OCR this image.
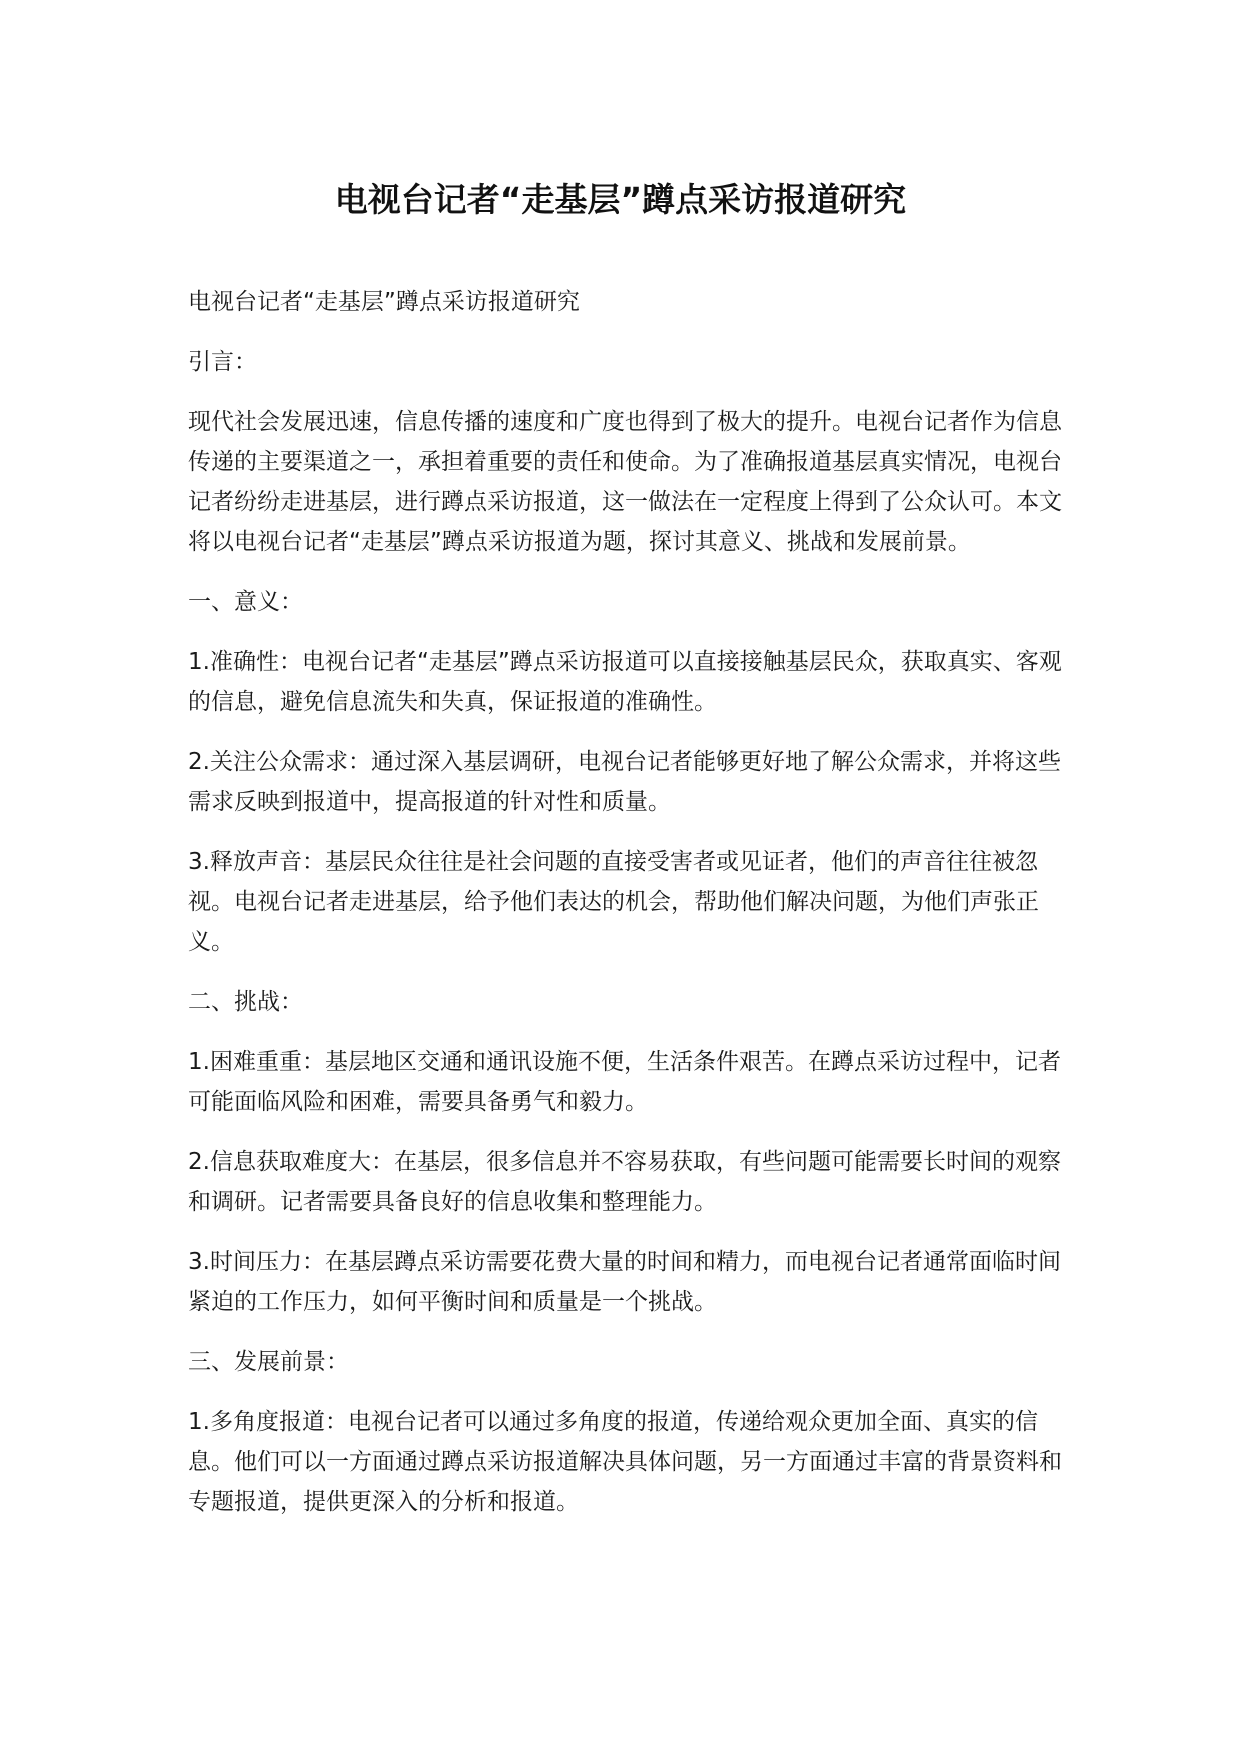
电视台记者“走基层”蹲点采访报道研究

电视台记者“走基层”蹲点采访报道研究

引言：

现代社会发展迅速，信息传播的速度和广度也得到了极大的提升。电视台记者作为信息传递的主要渠道之一，承担着重要的责任和使命。为了准确报道基层真实情况，电视台记者纷纷走进基层，进行蹲点采访报道，这一做法在一定程度上得到了公众认可。本文将以电视台记者“走基层”蹲点采访报道为题，探讨其意义、挑战和发展前景。

一、意义：

1.准确性：电视台记者“走基层”蹲点采访报道可以直接接触基层民众，获取真实、客观的信息，避免信息流失和失真，保证报道的准确性。

2.关注公众需求：通过深入基层调研，电视台记者能够更好地了解公众需求，并将这些需求反映到报道中，提高报道的针对性和质量。

3.释放声音：基层民众往往是社会问题的直接受害者或见证者，他们的声音往往被忽视。电视台记者走进基层，给予他们表达的机会，帮助他们解决问题，为他们声张正义。

二、挑战：

1.困难重重：基层地区交通和通讯设施不便，生活条件艰苦。在蹲点采访过程中，记者可能面临风险和困难，需要具备勇气和毅力。

2.信息获取难度大：在基层，很多信息并不容易获取，有些问题可能需要长时间的观察和调研。记者需要具备良好的信息收集和整理能力。

3.时间压力：在基层蹲点采访需要花费大量的时间和精力，而电视台记者通常面临时间紧迫的工作压力，如何平衡时间和质量是一个挑战。

三、发展前景：

1.多角度报道：电视台记者可以通过多角度的报道，传递给观众更加全面、真实的信息。他们可以一方面通过蹲点采访报道解决具体问题，另一方面通过丰富的背景资料和专题报道，提供更深入的分析和报道。
